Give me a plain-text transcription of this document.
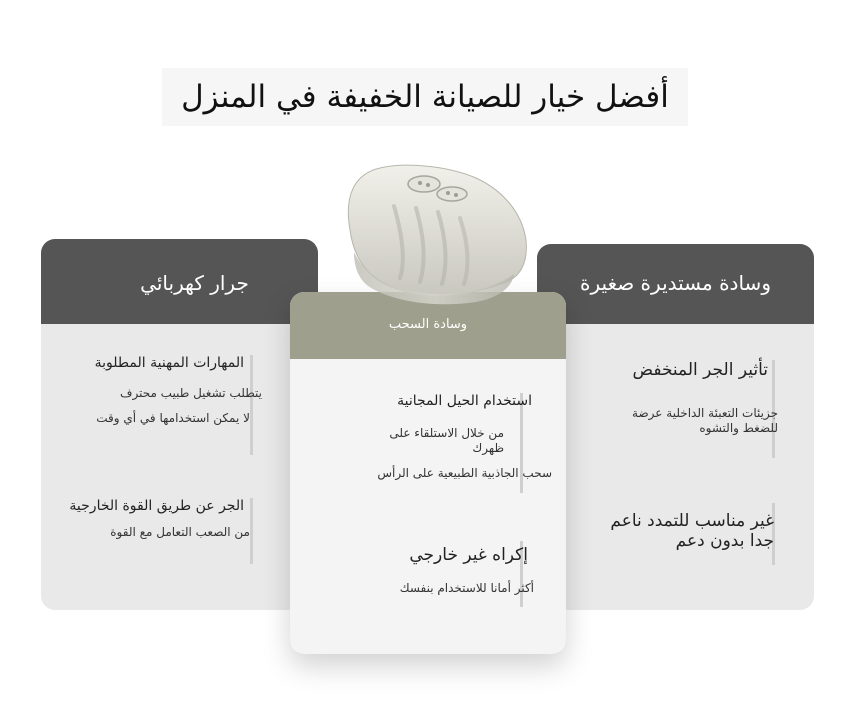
أفضل خيار للصيانة الخفيفة في المنزل
جرار كهربائي
المهارات المهنية المطلوبة
يتطلب تشغيل طبيب محترف
لا يمكن استخدامها في أي وقت
الجر عن طريق القوة الخارجية
من الصعب التعامل مع القوة
وسادة مستديرة صغيرة
تأثير الجر المنخفض
جزيئات التعبئة الداخلية عرضة للضغط والتشوه
غير مناسب للتمدد ناعم جدا بدون دعم
وسادة السحب
استخدام الحيل المجانية
من خلال الاستلقاء على ظهرك
سحب الجاذبية الطبيعية على الرأس
إكراه غير خارجي
أكثر أمانا للاستخدام بنفسك
